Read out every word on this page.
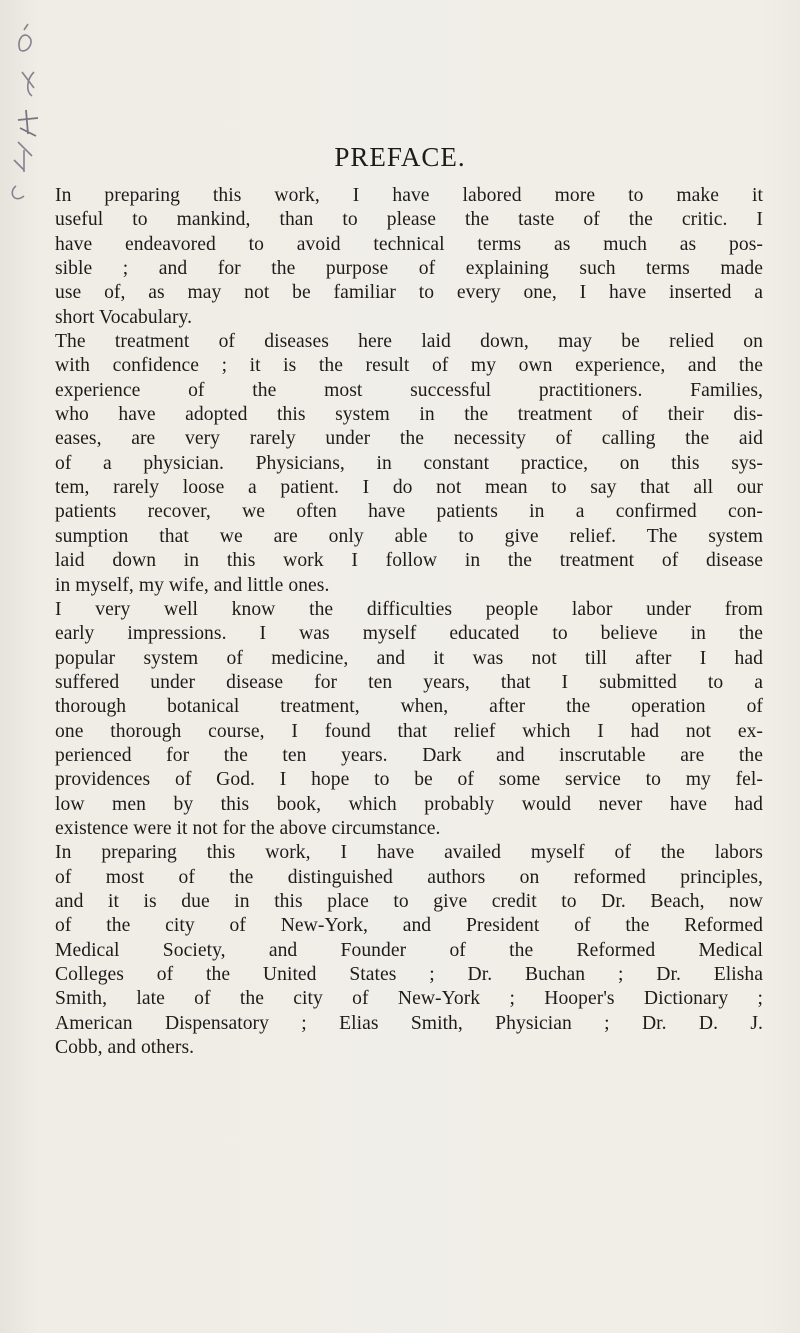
PREFACE.
In preparing this work, I have labored more to make it
useful to mankind, than to please the taste of the critic. I
have endeavored to avoid technical terms as much as pos-
sible ; and for the purpose of explaining such terms made
use of, as may not be familiar to every one, I have inserted a
short Vocabulary.
The treatment of diseases here laid down, may be relied on
with confidence ; it is the result of my own experience, and the
experience of the most successful practitioners. Families,
who have adopted this system in the treatment of their dis-
eases, are very rarely under the necessity of calling the aid
of a physician. Physicians, in constant practice, on this sys-
tem, rarely loose a patient. I do not mean to say that all our
patients recover, we often have patients in a confirmed con-
sumption that we are only able to give relief. The system
laid down in this work I follow in the treatment of disease
in myself, my wife, and little ones.
I very well know the difficulties people labor under from
early impressions. I was myself educated to believe in the
popular system of medicine, and it was not till after I had
suffered under disease for ten years, that I submitted to a
thorough botanical treatment, when, after the operation of
one thorough course, I found that relief which I had not ex-
perienced for the ten years. Dark and inscrutable are the
providences of God. I hope to be of some service to my fel-
low men by this book, which probably would never have had
existence were it not for the above circumstance.
In preparing this work, I have availed myself of the labors
of most of the distinguished authors on reformed principles,
and it is due in this place to give credit to Dr. Beach, now
of the city of New-York, and President of the Reformed
Medical Society, and Founder of the Reformed Medical
Colleges of the United States ; Dr. Buchan ; Dr. Elisha
Smith, late of the city of New-York ; Hooper's Dictionary ;
American Dispensatory ; Elias Smith, Physician ; Dr. D. J.
Cobb, and others.
